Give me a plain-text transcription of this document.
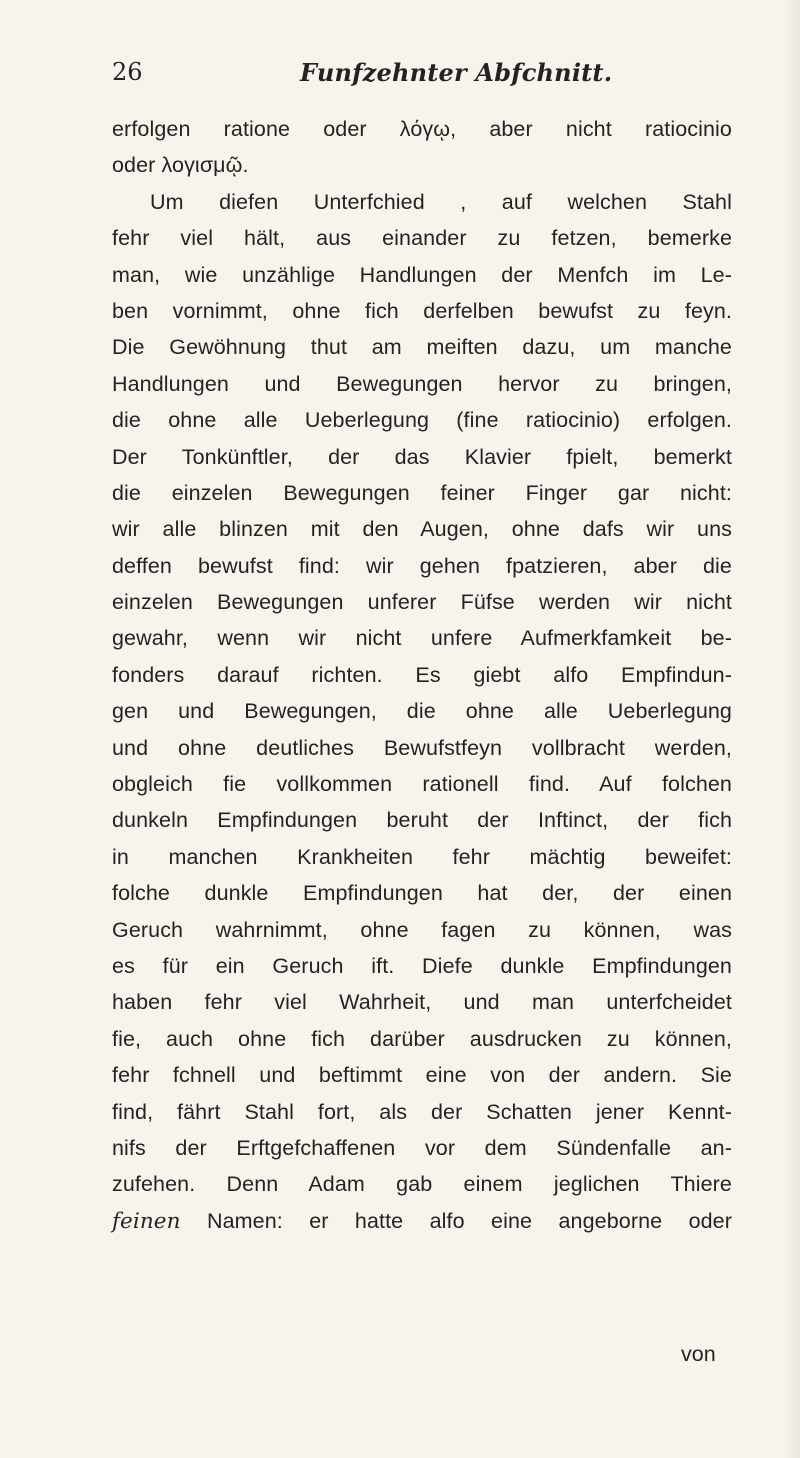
26	Funfzehnter Abfchnitt.
erfolgen ratione oder λόγῳ, aber nicht ratiocinio
oder λογισμῷ.
Um diefen Unterfchied , auf welchen Stahl
fehr viel hält, aus einander zu fetzen, bemerke
man, wie unzählige Handlungen der Menfch im Le-
ben vornimmt, ohne fich derfelben bewufst zu feyn.
Die Gewöhnung thut am meiften dazu, um manche
Handlungen und Bewegungen hervor zu bringen,
die ohne alle Ueberlegung (fine ratiocinio) erfolgen.
Der Tonkünftler, der das Klavier fpielt, bemerkt
die einzelen Bewegungen feiner Finger gar nicht:
wir alle blinzen mit den Augen, ohne dafs wir uns
deffen bewufst find: wir gehen fpatzieren, aber die
einzelen Bewegungen unferer Füfse werden wir nicht
gewahr, wenn wir nicht unfere Aufmerkfamkeit be-
fonders darauf richten. Es giebt alfo Empfindun-
gen und Bewegungen, die ohne alle Ueberlegung
und ohne deutliches Bewufstfeyn vollbracht werden,
obgleich fie vollkommen rationell find. Auf folchen
dunkeln Empfindungen beruht der Inftinct, der fich
in manchen Krankheiten fehr mächtig beweifet:
folche dunkle Empfindungen hat der, der einen
Geruch wahrnimmt, ohne fagen zu können, was
es für ein Geruch ift. Diefe dunkle Empfindungen
haben fehr viel Wahrheit, und man unterfcheidet
fie, auch ohne fich darüber ausdrucken zu können,
fehr fchnell und beftimmt eine von der andern. Sie
find, fährt Stahl fort, als der Schatten jener Kennt-
nifs der Erftgefchaffenen vor dem Sündenfalle an-
zufehen. Denn Adam gab einem jeglichen Thiere
feinen Namen: er hatte alfo eine angeborne oder
von
